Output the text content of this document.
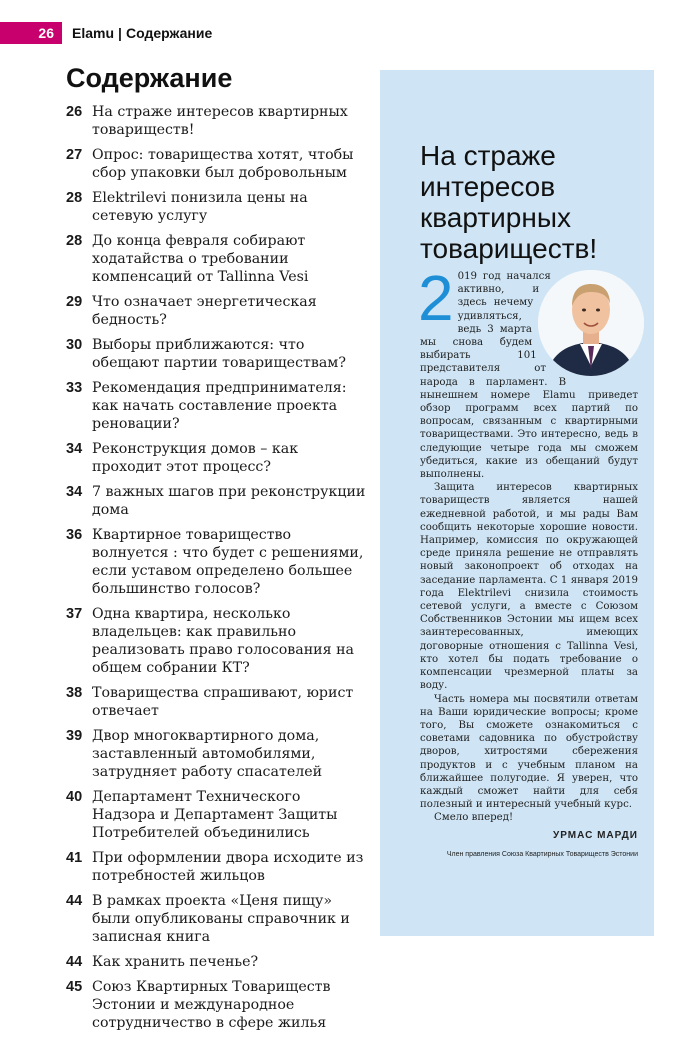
26	Elamu | Содержание
Содержание
26 На страже интересов квартирных товариществ!
27 Опрос: товарищества хотят, чтобы сбор упаковки был добровольным
28 Elektrilevi понизила цены на сетевую услугу
28 До конца февраля собирают ходатайства о требовании компенсаций от Tallinna Vesi
29 Что означает энергетическая бедность?
30 Выборы приближаются: что обещают партии товариществам?
33 Рекомендация предпринимателя: как начать составление проекта реновации?
34 Реконструкция домов – как проходит этот процесс?
34 7 важных шагов при реконструкции дома
36 Квартирное товарищество волнуется : что будет с решениями, если уставом определено большее большинство голосов?
37 Одна квартира, несколько владельцев: как правильно реализовать право голосования на общем собрании КТ?
38 Товарищества спрашивают, юрист отвечает
39 Двор многоквартирного дома, заставленный автомобилями, затрудняет работу спасателей
40 Департамент Технического Надзора и Департамент Защиты Потребителей объединились
41 При оформлении двора исходите из потребностей жильцов
44 В рамках проекта «Ценя пищу» были опубликованы справочник и записная книга
44 Как хранить печенье?
45 Союз Квартирных Товариществ Эстонии и международное сотрудничество в сфере жилья
На страже интересов квартирных товариществ!

2 019 год начался активно, и здесь нечему удивляться, ведь 3 марта мы снова будем выбирать 101 представителя от народа в парламент. В нынешнем номере Elamu приведет обзор программ всех партий по вопросам, связанным с квартирными товариществами. Это интересно, ведь в следующие четыре года мы сможем убедиться, какие из обещаний будут выполнены.

Защита интересов квартирных товариществ является нашей ежедневной работой, и мы рады Вам сообщить некоторые хорошие новости. Например, комиссия по окружающей среде приняла решение не отправлять новый законопроект об отходах на заседание парламента. С 1 января 2019 года Elektrilevi снизила стоимость сетевой услуги, а вместе с Союзом Собственников Эстонии мы ищем всех заинтересованных, имеющих договорные отношения с Tallinna Vesi, кто хотел бы подать требование о компенсации чрезмерной платы за воду.

Часть номера мы посвятили ответам на Ваши юридические вопросы; кроме того, Вы сможете ознакомиться с советами садовника по обустройству дворов, хитростями сбережения продуктов и с учебным планом на ближайшее полугодие. Я уверен, что каждый сможет найти для себя полезный и интересный учебный курс.

Смело вперед!

УРМАС МАРДИ
Член правления Союза Квартирных Товариществ Эстонии
